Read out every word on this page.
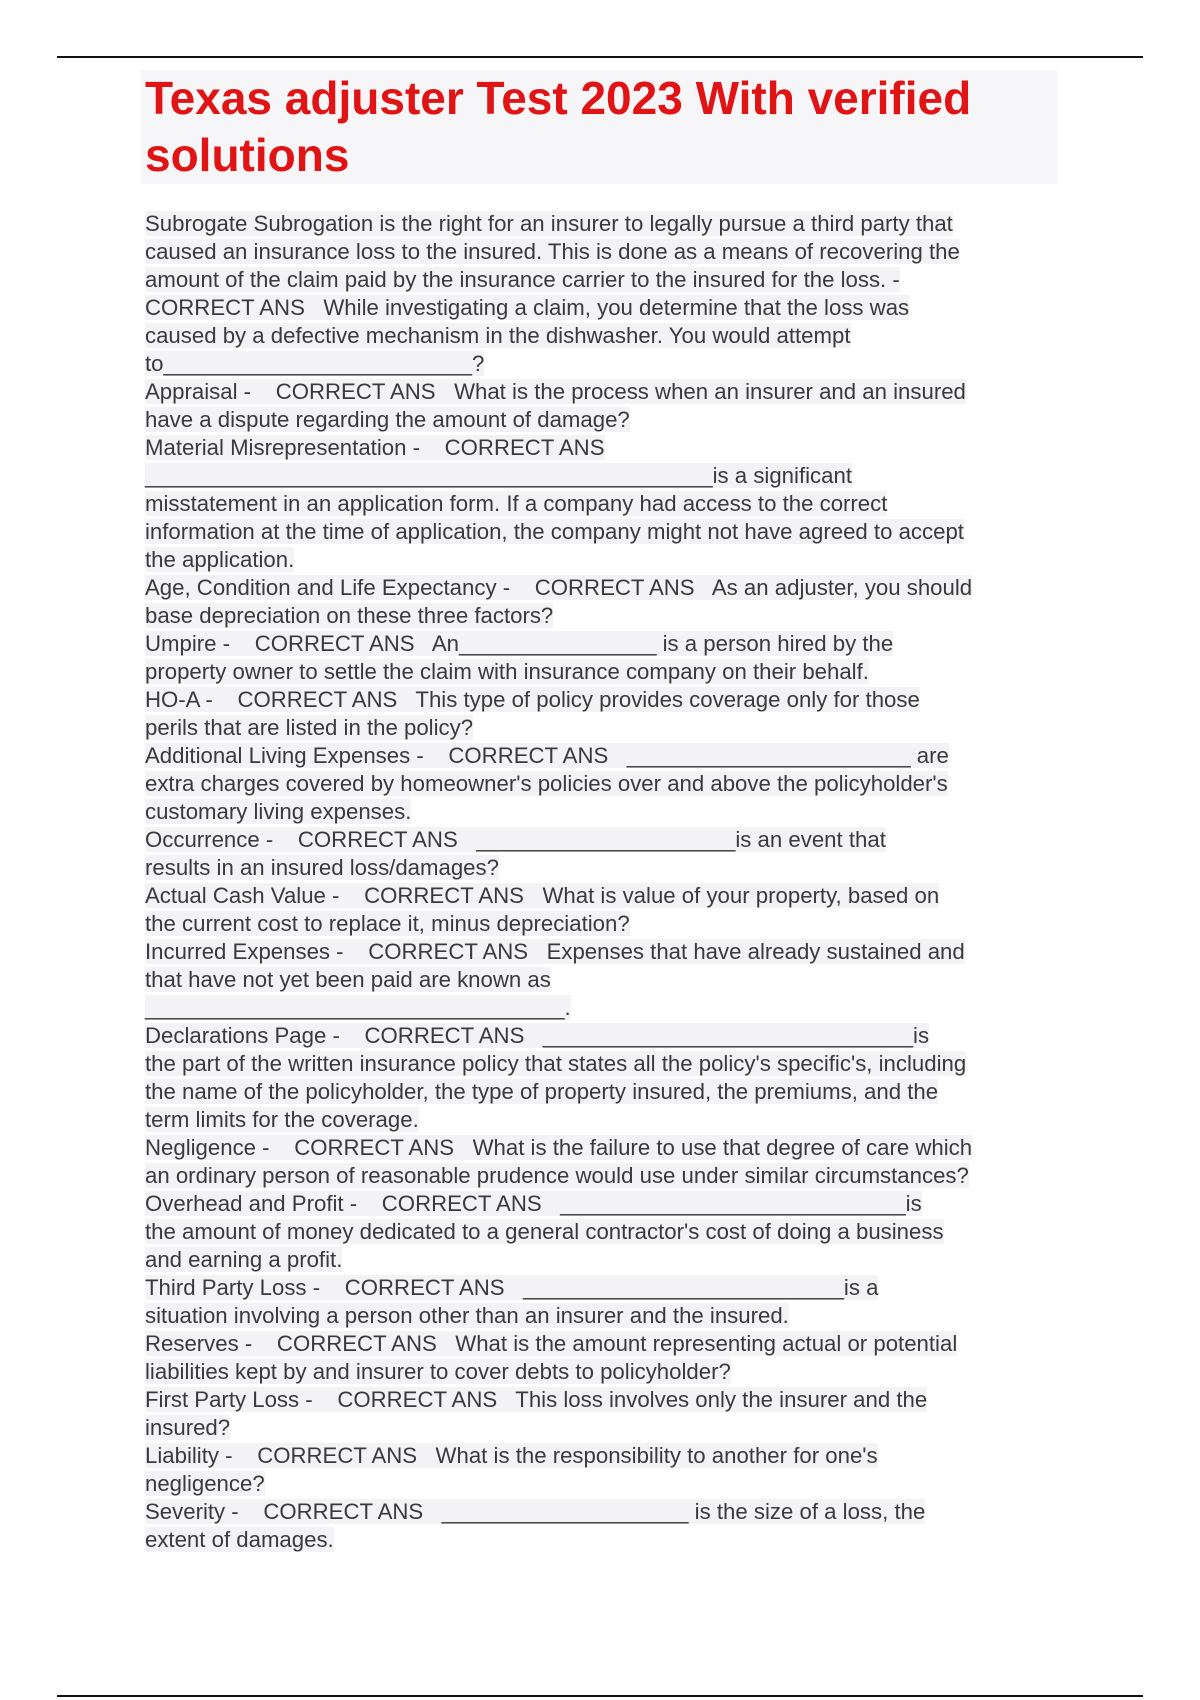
Texas adjuster Test 2023 With verified solutions
Subrogate Subrogation is the right for an insurer to legally pursue a third party that
caused an insurance loss to the insured. This is done as a means of recovering the
amount of the claim paid by the insurance carrier to the insured for the loss. -
CORRECT ANS   While investigating a claim, you determine that the loss was
caused by a defective mechanism in the dishwasher. You would attempt
to_________________________?
Appraisal -    CORRECT ANS   What is the process when an insurer and an insured
have a dispute regarding the amount of damage?
Material Misrepresentation -    CORRECT ANS
______________________________________________is a significant
misstatement in an application form. If a company had access to the correct
information at the time of application, the company might not have agreed to accept
the application.
Age, Condition and Life Expectancy -    CORRECT ANS   As an adjuster, you should
base depreciation on these three factors?
Umpire -    CORRECT ANS   An________________ is a person hired by the
property owner to settle the claim with insurance company on their behalf.
HO-A -    CORRECT ANS   This type of policy provides coverage only for those
perils that are listed in the policy?
Additional Living Expenses -    CORRECT ANS   _______________________ are
extra charges covered by homeowner's policies over and above the policyholder's
customary living expenses.
Occurrence -    CORRECT ANS   _____________________is an event that
results in an insured loss/damages?
Actual Cash Value -    CORRECT ANS   What is value of your property, based on
the current cost to replace it, minus depreciation?
Incurred Expenses -    CORRECT ANS   Expenses that have already sustained and
that have not yet been paid are known as
__________________________________.
Declarations Page -    CORRECT ANS   ______________________________is
the part of the written insurance policy that states all the policy's specific's, including
the name of the policyholder, the type of property insured, the premiums, and the
term limits for the coverage.
Negligence -    CORRECT ANS   What is the failure to use that degree of care which
an ordinary person of reasonable prudence would use under similar circumstances?
Overhead and Profit -    CORRECT ANS   ____________________________is
the amount of money dedicated to a general contractor's cost of doing a business
and earning a profit.
Third Party Loss -    CORRECT ANS   __________________________is a
situation involving a person other than an insurer and the insured.
Reserves -    CORRECT ANS   What is the amount representing actual or potential
liabilities kept by and insurer to cover debts to policyholder?
First Party Loss -    CORRECT ANS   This loss involves only the insurer and the
insured?
Liability -    CORRECT ANS   What is the responsibility to another for one's
negligence?
Severity -    CORRECT ANS   ____________________ is the size of a loss, the
extent of damages.
